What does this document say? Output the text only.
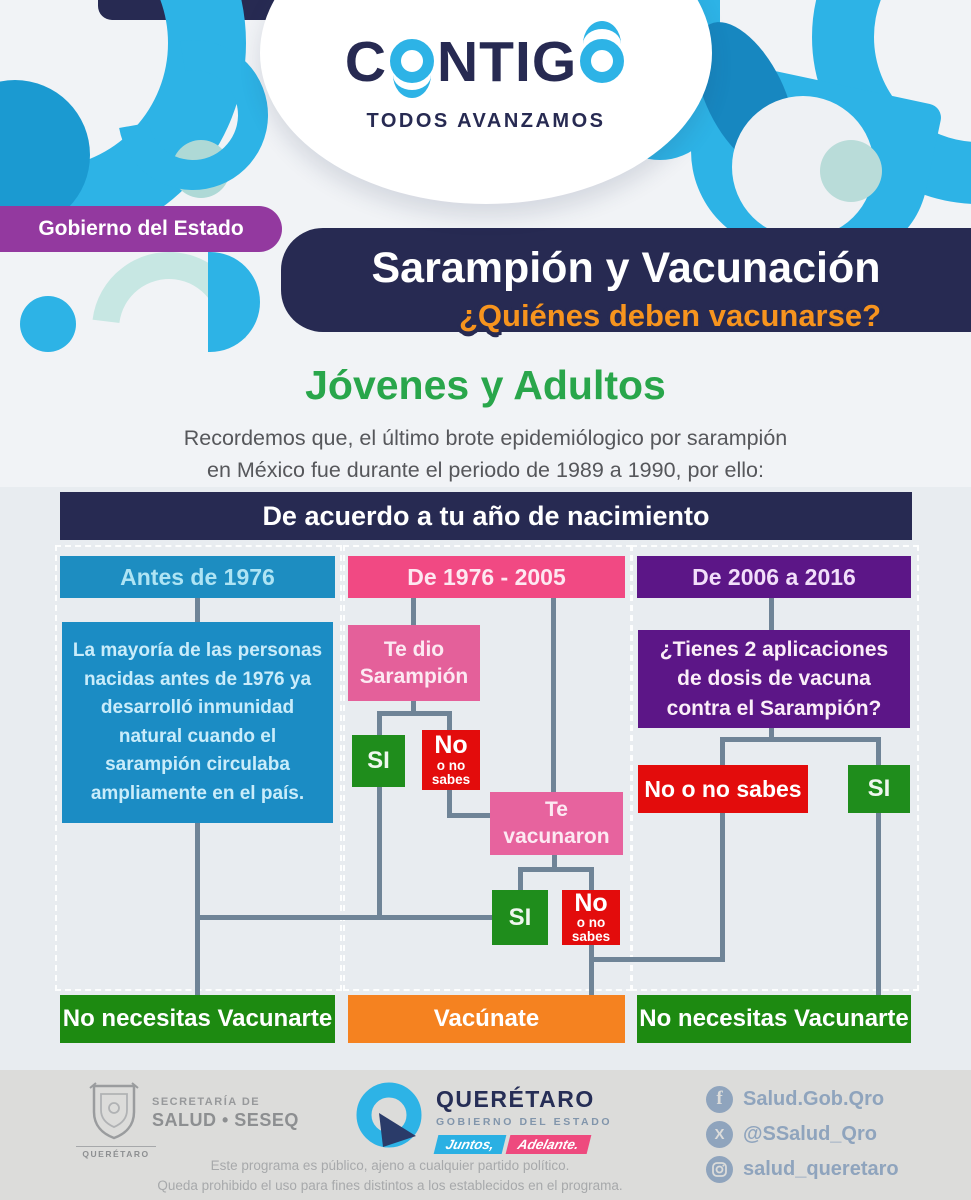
C NTIG
TODOS AVANZAMOS
Gobierno del Estado
Sarampión y Vacunación
¿Quiénes deben vacunarse?
Jóvenes y Adultos
Recordemos que, el último brote epidemiólogico por sarampión
en México fue durante el periodo de 1989 a 1990, por ello:
De acuerdo a tu año de nacimiento
Antes de 1976
La mayoría de las personas nacidas antes de 1976 ya desarrolló inmunidad natural cuando el sarampión circulaba ampliamente en el país.
No necesitas Vacunarte
De 1976 - 2005
Te dio Sarampión
SI
No
o no sabes
Te vacunaron
SI
No
o no sabes
Vacúnate
De 2006 a 2016
¿Tienes 2 aplicaciones de dosis de vacuna contra el Sarampión?
No o no sabes	SI
No necesitas Vacunarte
QUERÉTARO
SECRETARÍA DE
SALUD • SESEQ
QUERÉTARO
GOBIERNO DEL ESTADO
Juntos,	Adelante.
f	Salud.Gob.Qro
X @SSalud_Qro
salud_queretaro
Este programa es público, ajeno a cualquier partido político.
Queda prohibido el uso para fines distintos a los establecidos en el programa.
